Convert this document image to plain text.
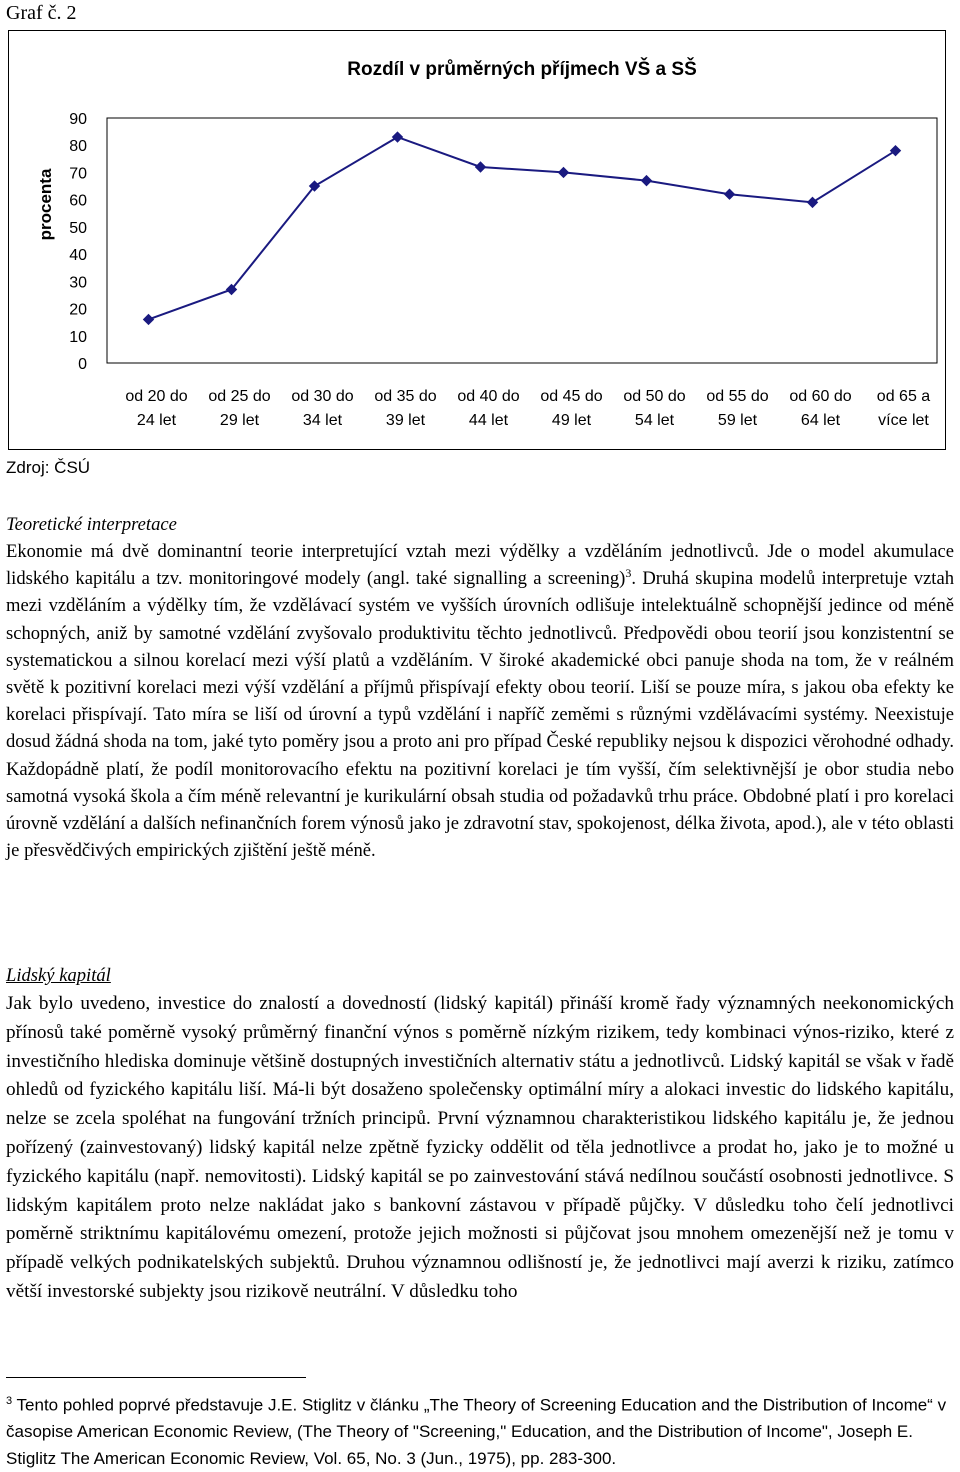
Graf č. 2
Rozdíl v průměrných příjmech VŠ a SŠ
procenta
90
80
70
60
50
40
30
20
10
0
od 20 do
24 let
od 25 do
29 let
od 30 do
34 let
od 35 do
39 let
od 40 do
44 let
od 45 do
49 let
od 50 do
54 let
od 55 do
59 let
od 60 do
64 let
od 65 a
více let
Zdroj: ČSÚ
Teoretické interpretace

Ekonomie má dvě dominantní teorie interpretující vztah mezi výdělky a vzděláním jednotlivců. Jde o model akumulace lidského kapitálu a tzv. monitoringové modely (angl. také signalling a screening)$^3$. Druhá skupina modelů interpretuje vztah mezi vzděláním a výdělky tím, že vzdělávací systém ve vyšších úrovních odlišuje intelektuálně schopnější jedince od méně schopných, aniž by samotné vzdělání zvyšovalo produktivitu těchto jednotlivců. Předpovědi obou teorií jsou konzistentní se systematickou a silnou korelací mezi výší platů a vzděláním. V široké akademické obci panuje shoda na tom, že v reálném světě k pozitivní korelaci mezi výší vzdělání a příjmů přispívají efekty obou teorií. Liší se pouze míra, s jakou oba efekty ke korelaci přispívají. Tato míra se liší od úrovní a typů vzdělání i napříč zeměmi s různými vzdělávacími systémy. Neexistuje dosud žádná shoda na tom, jaké tyto poměry jsou a proto ani pro případ České republiky nejsou k dispozici věrohodné odhady. Každopádně platí, že podíl monitorovacího efektu na pozitivní korelaci je tím vyšší, čím selektivnější je obor studia nebo samotná vysoká škola a čím méně relevantní je kurikulární obsah studia od požadavků trhu práce. Obdobné platí i pro korelaci úrovně vzdělání a dalších nefinančních forem výnosů jako je zdravotní stav, spokojenost, délka života, apod.), ale v této oblasti je přesvědčivých empirických zjištění ještě méně.

Lidský kapitál

Jak bylo uvedeno, investice do znalostí a dovedností (lidský kapitál) přináší kromě řady významných neekonomických přínosů také poměrně vysoký průměrný finanční výnos s poměrně nízkým rizikem, tedy kombinaci výnos-riziko, které z investičního hlediska dominuje většině dostupných investičních alternativ státu a jednotlivců. Lidský kapitál se však v řadě ohledů od fyzického kapitálu liší. Má-li být dosaženo společensky optimální míry a alokaci investic do lidského kapitálu, nelze se zcela spoléhat na fungování tržních principů. První významnou charakteristikou lidského kapitálu je, že jednou pořízený (zainvestovaný) lidský kapitál nelze zpětně fyzicky oddělit od těla jednotlivce a prodat ho, jako je to možné u fyzického kapitálu (např. nemovitosti). Lidský kapitál se po zainvestování stává nedílnou součástí osobnosti jednotlivce. S lidským kapitálem proto nelze nakládat jako s bankovní zástavou v případě půjčky. V důsledku toho čelí jednotlivci poměrně striktnímu kapitálovému omezení, protože jejich možnosti si půjčovat jsou mnohem omezenější než je tomu v případě velkých podnikatelských subjektů. Druhou významnou odlišností je, že jednotlivci mají averzi k riziku, zatímco větší investorské subjekty jsou rizikově neutrální. V důsledku toho

$^3$ Tento pohled poprvé představuje J.E. Stiglitz v článku „The Theory of Screening Education and the Distribution of Income“ v časopise American Economic Review, (The Theory of "Screening," Education, and the Distribution of Income", Joseph E. Stiglitz The American Economic Review, Vol. 65, No. 3 (Jun., 1975), pp. 283-300.
